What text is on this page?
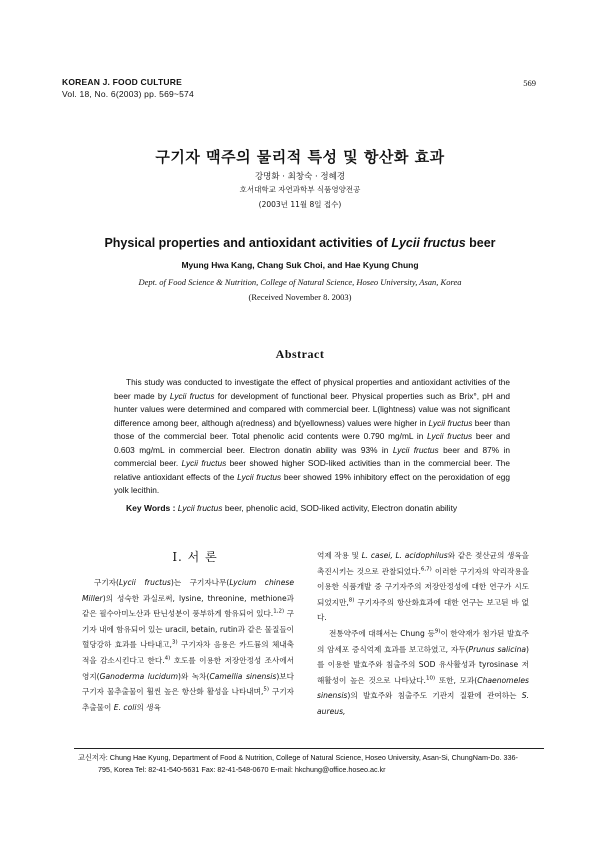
KOREAN J. FOOD CULTURE
Vol. 18, No. 6(2003) pp. 569~574
569
구기자 맥주의 물리적 특성 및 항산화 효과
강명화 · 최창숙 · 정혜경
호서대학교 자연과학부 식품영양전공
(2003년 11월 8일 접수)
Physical properties and antioxidant activities of Lycii fructus beer
Myung Hwa Kang, Chang Suk Choi, and Hae Kyung Chung
Dept. of Food Science & Nutrition, College of Natural Science, Hoseo University, Asan, Korea
(Received November 8. 2003)
Abstract
This study was conducted to investigate the effect of physical properties and antioxidant activities of the beer made by Lycii fructus for development of functional beer. Physical properties such as Brix°, pH and hunter values were determined and compared with commercial beer. L(lightness) value was not significant difference among beer, although a(redness) and b(yellowness) values were higher in Lycii fructus beer than those of the commercial beer. Total phenolic acid contents were 0.790 mg/mL in Lycii fructus beer and 0.603 mg/mL in commercial beer. Electron donatin ability was 93% in Lycii fructus beer and 87% in commercial beer. Lycii fructus beer showed higher SOD-liked activities than in the commercial beer. The relative antioxidant effects of the Lycii fructus beer showed 19% inhibitory effect on the peroxidation of egg yolk lecithin.
Key Words : Lycii fructus beer, phenolic acid, SOD-liked activity, Electron donatin ability
I. 서 론

구기자(Lycii fructus)는 구기자나무(Lycium chinese Miller)의 성숙한 과실로써, lysine, threonine, methione과 같은 필수아미노산과 탄닌성분이 풍부하게 함유되어 있다.$^{1,2)}$ 구기자 내에 함유되어 있는 uracil, betain, rutin과 같은 물질들이 혈당강하 효과를 나타내고,$^{3)}$ 구기자차 음용은 카드뮴의 체내축적을 감소시킨다고 한다.$^{4)}$ 호도를 이용한 저장안정성 조사에서 영지(Ganoderma lucidum)와 녹차(Camellia sinensis)보다 구기자 물추출물이 훨씬 높은 항산화 활성을 나타내며,$^{5)}$ 구기자 추출물이 E. coli의 생육

억제 작용 및 L. casei, L. acidophilus와 같은 젖산균의 생육을 촉진시키는 것으로 관찰되었다.$^{6,7)}$ 이러한 구기자의 약리작용을 이용한 식품개발 중 구기자주의 저장안정성에 대한 연구가 시도되었지만,$^{8)}$ 구기자주의 항산화효과에 대한 연구는 보고된 바 없다.

전통약주에 대해서는 Chung 등$^{9)}$이 한약재가 첨가된 발효주의 암세포 증식억제 효과를 보고하였고, 자두(Prunus salicina)를 이용한 발효주와 침출주의 SOD 유사활성과 tyrosinase 저해활성이 높은 것으로 나타났다.$^{10)}$ 또한, 모과(Chaenomeles sinensis)의 발효주와 침출주도 기관지 질환에 관여하는 S. aureus,

교신저자: Chung Hae Kyung, Department of Food & Nutrition, College of Natural Science, Hoseo University, Asan-Si, ChungNam-Do. 336-
795, Korea Tel: 82-41-540-5631 Fax: 82-41-548-0670 E-mail: hkchung@office.hoseo.ac.kr
